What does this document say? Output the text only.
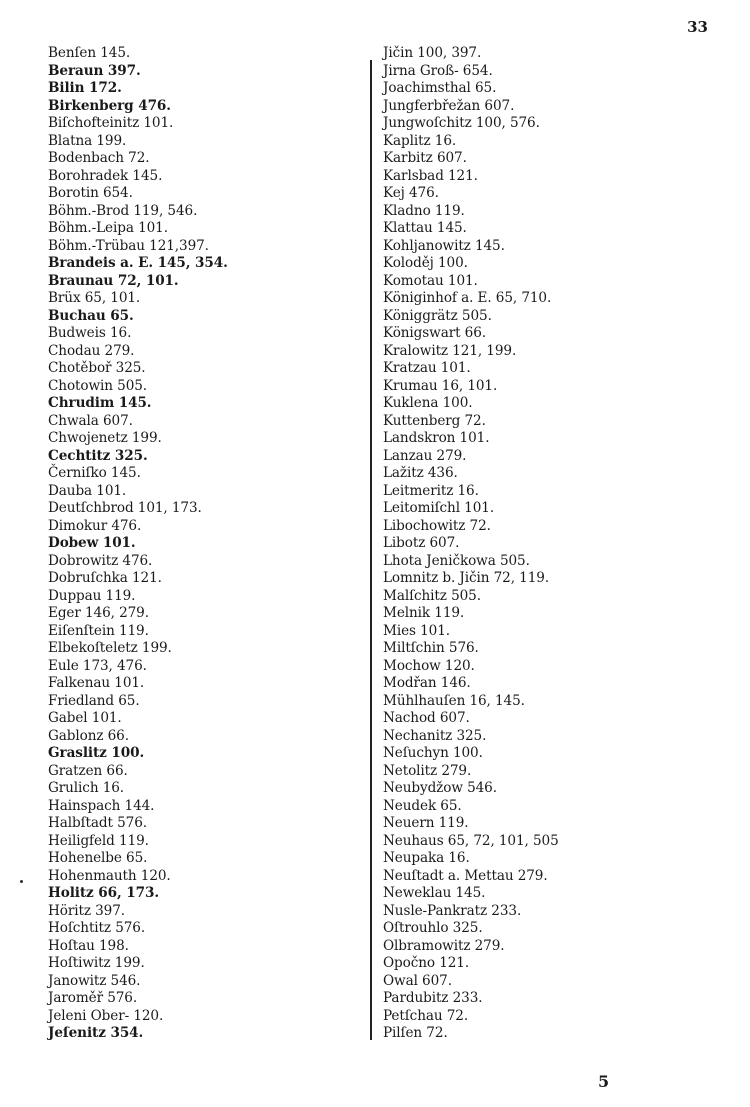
33
Benſen 145.
Beraun 397.
Bilin 172.
Birkenberg 476.
Biſchofteinitz 101.
Blatna 199.
Bodenbach 72.
Borohradek 145.
Borotin 654.
Böhm.-Brod 119, 546.
Böhm.-Leipa 101.
Böhm.-Trübau 121,397.
Brandeis a. E. 145, 354.
Braunau 72, 101.
Brüx 65, 101.
Buchau 65.
Budweis 16.
Chodau 279.
Chotěboř 325.
Chotowin 505.
Chrudim 145.
Chwala 607.
Chwojenetz 199.
Cechtitz 325.
Černiſko 145.
Dauba 101.
Deutſchbrod 101, 173.
Dimokur 476.
Dobew 101.
Dobrowitz 476.
Dobruſchka 121.
Duppau 119.
Eger 146, 279.
Eiſenſtein 119.
Elbekoſteletz 199.
Eule 173, 476.
Falkenau 101.
Friedland 65.
Gabel 101.
Gablonz 66.
Graslitz 100.
Gratzen 66.
Grulich 16.
Hainspach 144.
Halbſtadt 576.
Heiligfeld 119.
Hohenelbe 65.
Hohenmauth 120.
Holitz 66, 173.
Höritz 397.
Hoſchtitz 576.
Hoſtau 198.
Hoſtiwitz 199.
Janowitz 546.
Jaroměř 576.
Jeleni Ober- 120.
Jeſenitz 354.
Jičin 100, 397.
Jirna Groß- 654.
Joachimsthal 65.
Jungferbřežan 607.
Jungwoſchitz 100, 576.
Kaplitz 16.
Karbitz 607.
Karlsbad 121.
Kej 476.
Kladno 119.
Klattau 145.
Kohljanowitz 145.
Koloděj 100.
Komotau 101.
Königinhof a. E. 65, 710.
Königgrätz 505.
Königswart 66.
Kralowitz 121, 199.
Kratzau 101.
Krumau 16, 101.
Kuklena 100.
Kuttenberg 72.
Landskron 101.
Lanzau 279.
Lažitz 436.
Leitmeritz 16.
Leitomiſchl 101.
Libochowitz 72.
Libotz 607.
Lhota Jeničkowa 505.
Lomnitz b. Jičin 72, 119.
Malſchitz 505.
Melnik 119.
Mies 101.
Miltſchin 576.
Mochow 120.
Modřan 146.
Mühlhauſen 16, 145.
Nachod 607.
Nechanitz 325.
Neſuchyn 100.
Netolitz 279.
Neubydžow 546.
Neudek 65.
Neuern 119.
Neuhaus 65, 72, 101, 505
Neupaka 16.
Neuſtadt a. Mettau 279.
Neweklau 145.
Nusle-Pankratz 233.
Oſtrouhlo 325.
Olbramowitz 279.
Opočno 121.
Owal 607.
Pardubitz 233.
Petſchau 72.
Pilſen 72.
5
